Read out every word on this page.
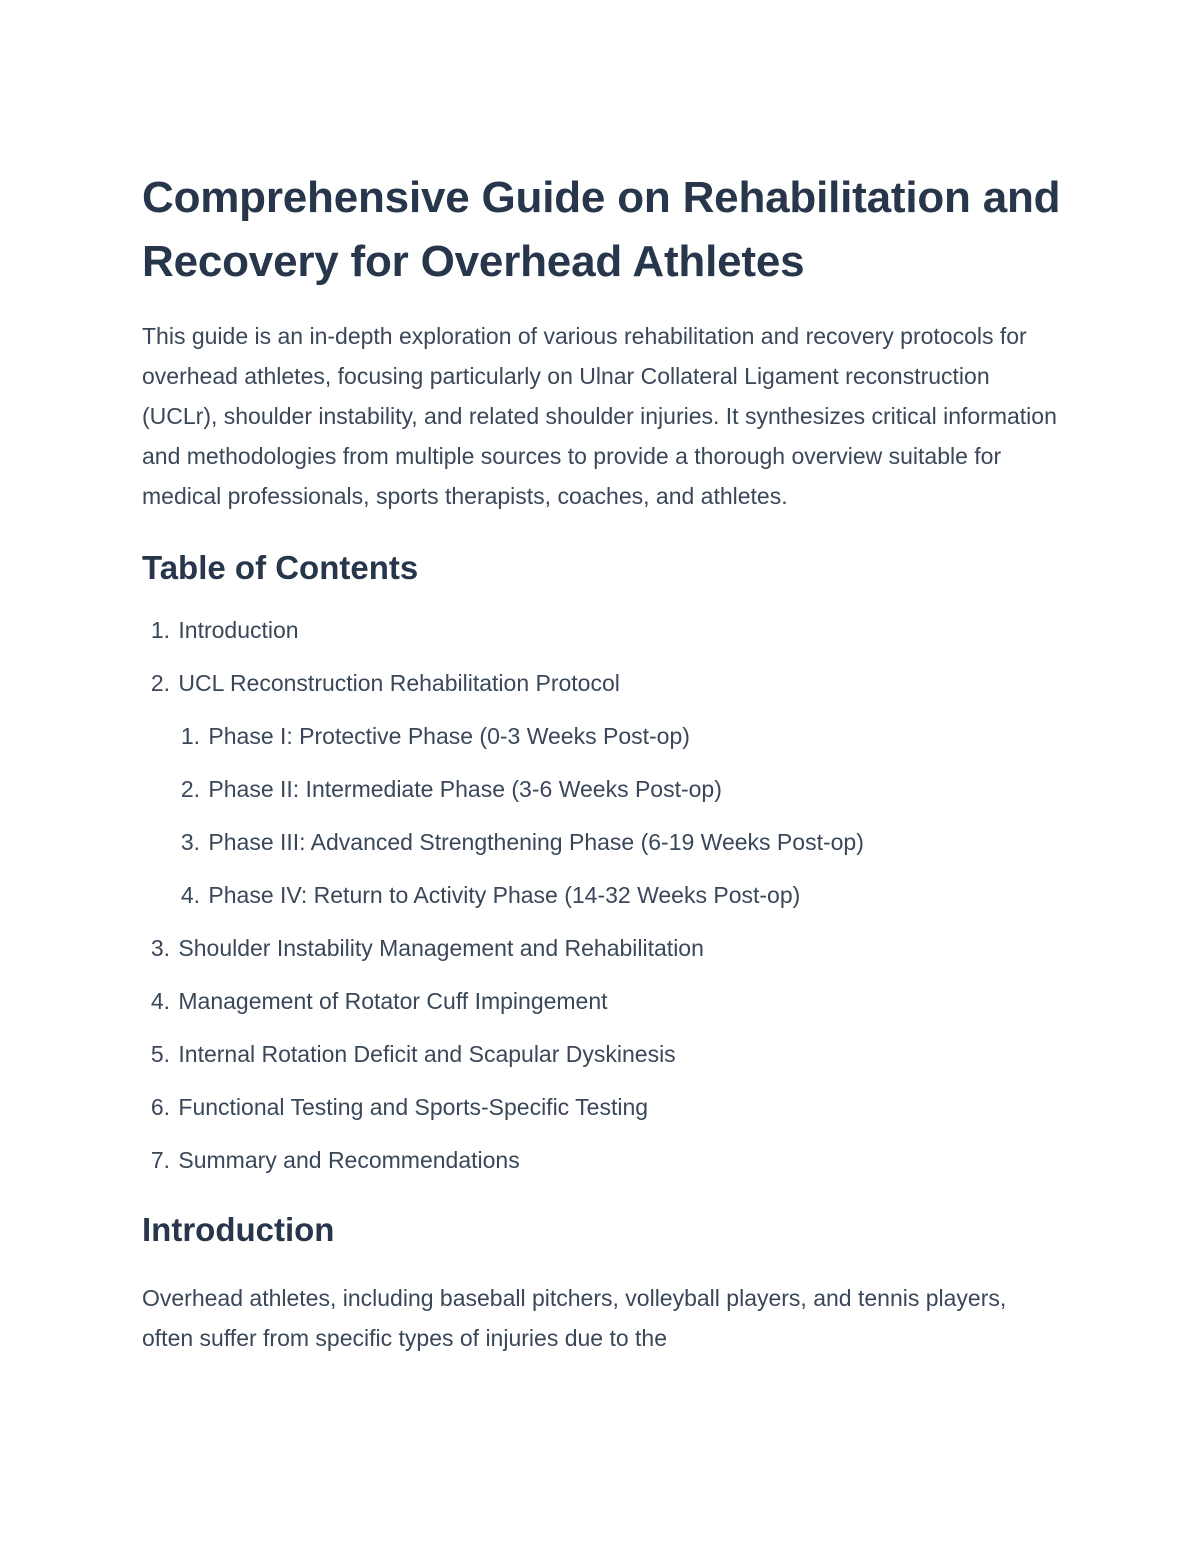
Comprehensive Guide on Rehabilitation and Recovery for Overhead Athletes

This guide is an in-depth exploration of various rehabilitation and recovery protocols for overhead athletes, focusing particularly on Ulnar Collateral Ligament reconstruction (UCLr), shoulder instability, and related shoulder injuries. It synthesizes critical information and methodologies from multiple sources to provide a thorough overview suitable for medical professionals, sports therapists, coaches, and athletes.

Table of Contents
1. Introduction
2. UCL Reconstruction Rehabilitation Protocol
1. Phase I: Protective Phase (0-3 Weeks Post-op)
2. Phase II: Intermediate Phase (3-6 Weeks Post-op)
3. Phase III: Advanced Strengthening Phase (6-19 Weeks Post-op)
4. Phase IV: Return to Activity Phase (14-32 Weeks Post-op)
3. Shoulder Instability Management and Rehabilitation
4. Management of Rotator Cuff Impingement
5. Internal Rotation Deficit and Scapular Dyskinesis
6. Functional Testing and Sports-Specific Testing
7. Summary and Recommendations
Introduction

Overhead athletes, including baseball pitchers, volleyball players, and tennis players, often suffer from specific types of injuries due to the
